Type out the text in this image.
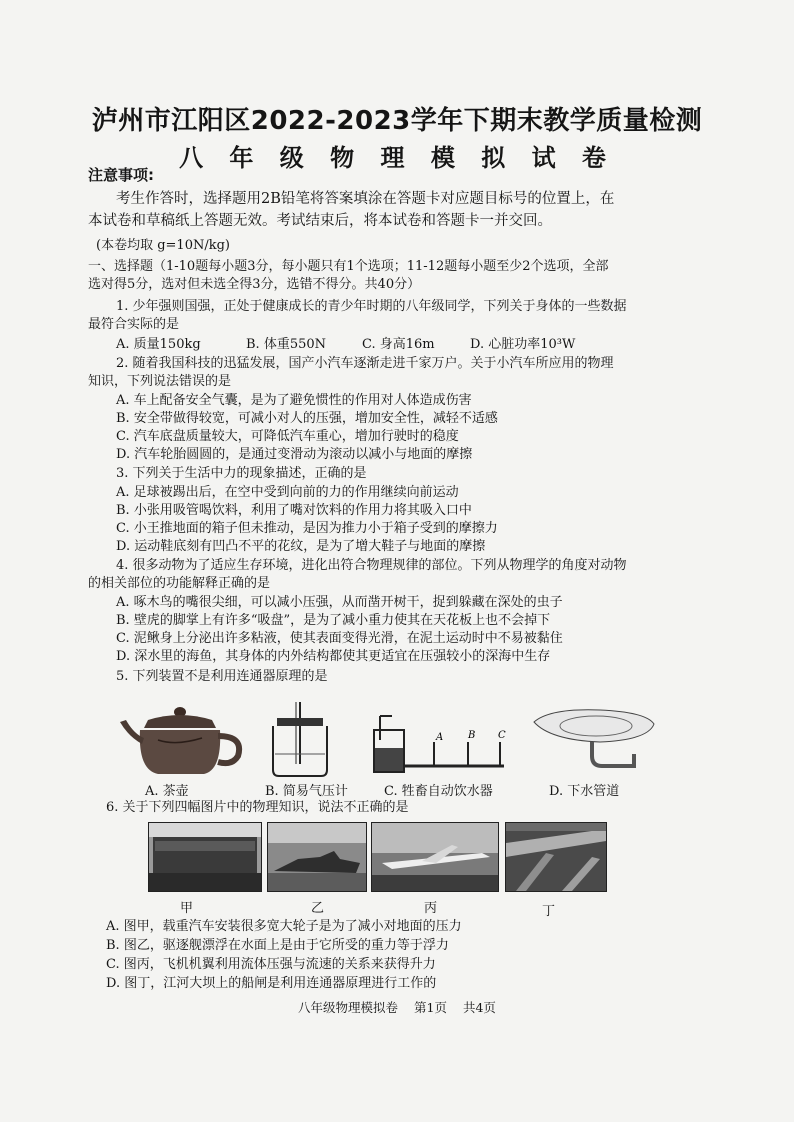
泸州市江阳区2022-2023学年下期末教学质量检测
八 年 级 物 理 模 拟 试 卷
注意事项:
考生作答时，选择题用2B铅笔将答案填涂在答题卡对应题目标号的位置上，在
本试卷和草稿纸上答题无效。考试结束后，将本试卷和答题卡一并交回。
(本卷均取 g=10N/kg)
一、选择题（1-10题每小题3分，每小题只有1个选项；11-12题每小题至少2个选项，全部
选对得5分，选对但未选全得3分，选错不得分。共40分）
1. 少年强则国强，正处于健康成长的青少年时期的八年级同学，下列关于身体的一些数据
最符合实际的是
A. 质量150kg	B. 体重550N	C. 身高16m	D. 心脏功率10³W
2. 随着我国科技的迅猛发展，国产小汽车逐渐走进千家万户。关于小汽车所应用的物理
知识，下列说法错误的是
A. 车上配备安全气囊，是为了避免惯性的作用对人体造成伤害
B. 安全带做得较宽，可减小对人的压强，增加安全性，减轻不适感
C. 汽车底盘质量较大，可降低汽车重心，增加行驶时的稳度
D. 汽车轮胎圆圆的，是通过变滑动为滚动以减小与地面的摩擦
3. 下列关于生活中力的现象描述，正确的是
A. 足球被踢出后，在空中受到向前的力的作用继续向前运动
B. 小张用吸管喝饮料，利用了嘴对饮料的作用力将其吸入口中
C. 小王推地面的箱子但未推动，是因为推力小于箱子受到的摩擦力
D. 运动鞋底刻有凹凸不平的花纹，是为了增大鞋子与地面的摩擦
4. 很多动物为了适应生存环境，进化出符合物理规律的部位。下列从物理学的角度对动物
的相关部位的功能解释正确的是
A. 啄木鸟的嘴很尖细，可以减小压强，从而凿开树干，捉到躲藏在深处的虫子
B. 壁虎的脚掌上有许多“吸盘”，是为了减小重力使其在天花板上也不会掉下
C. 泥鳅身上分泌出许多粘液，使其表面变得光滑，在泥土运动时中不易被黏住
D. 深水里的海鱼，其身体的内外结构都使其更适宜在压强较小的深海中生存
5. 下列装置不是利用连通器原理的是
A. 茶壶	B. 简易气压计
A B C
C. 牲畜自动饮水器	D. 下水管道
6. 关于下列四幅图片中的物理知识，说法不正确的是
甲	乙	丙	丁
A. 图甲，载重汽车安装很多宽大轮子是为了减小对地面的压力
B. 图乙，驱逐舰漂浮在水面上是由于它所受的重力等于浮力
C. 图丙，飞机机翼利用流体压强与流速的关系来获得升力
D. 图丁，江河大坝上的船闸是利用连通器原理进行工作的
八年级物理模拟卷 第1页 共4页
